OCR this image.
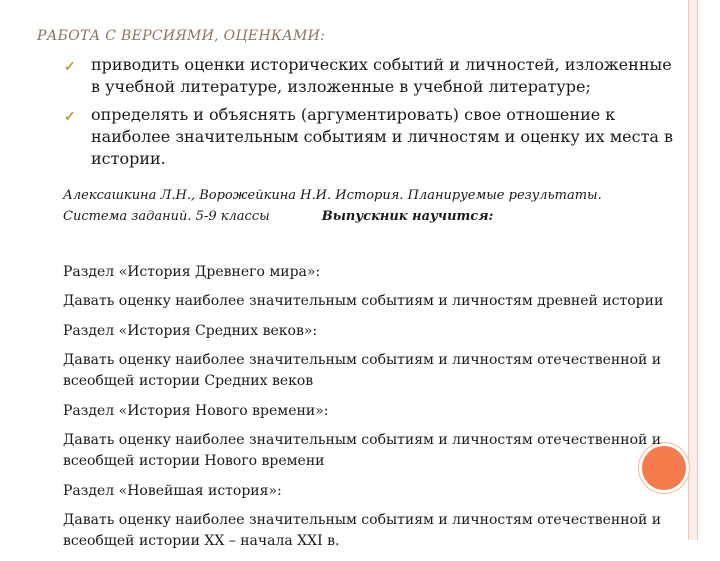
РАБОТА С ВЕРСИЯМИ, ОЦЕНКАМИ:
✓ приводить оценки исторических событий и личностей, изложенные в учебной литературе, изложенные в учебной литературе;
✓ определять и объяснять (аргументировать) свое отношение к наиболее значительным событиям и личностям и оценку их места в истории.
Алексашкина Л.Н., Ворожейкина Н.И. История. Планируемые результаты.
Система заданий. 5-9 классы	Выпускник научится:

Раздел «История Древнего мира»:

Давать оценку наиболее значительным событиям и личностям древней истории

Раздел «История Средних веков»:

Давать оценку наиболее значительным событиям и личностям отечественной и всеобщей истории Средних веков

Раздел «История Нового времени»:

Давать оценку наиболее значительным событиям и личностям отечественной и всеобщей истории Нового времени

Раздел «Новейшая история»:

Давать оценку наиболее значительным событиям и личностям отечественной и всеобщей истории XX – начала XXI в.
